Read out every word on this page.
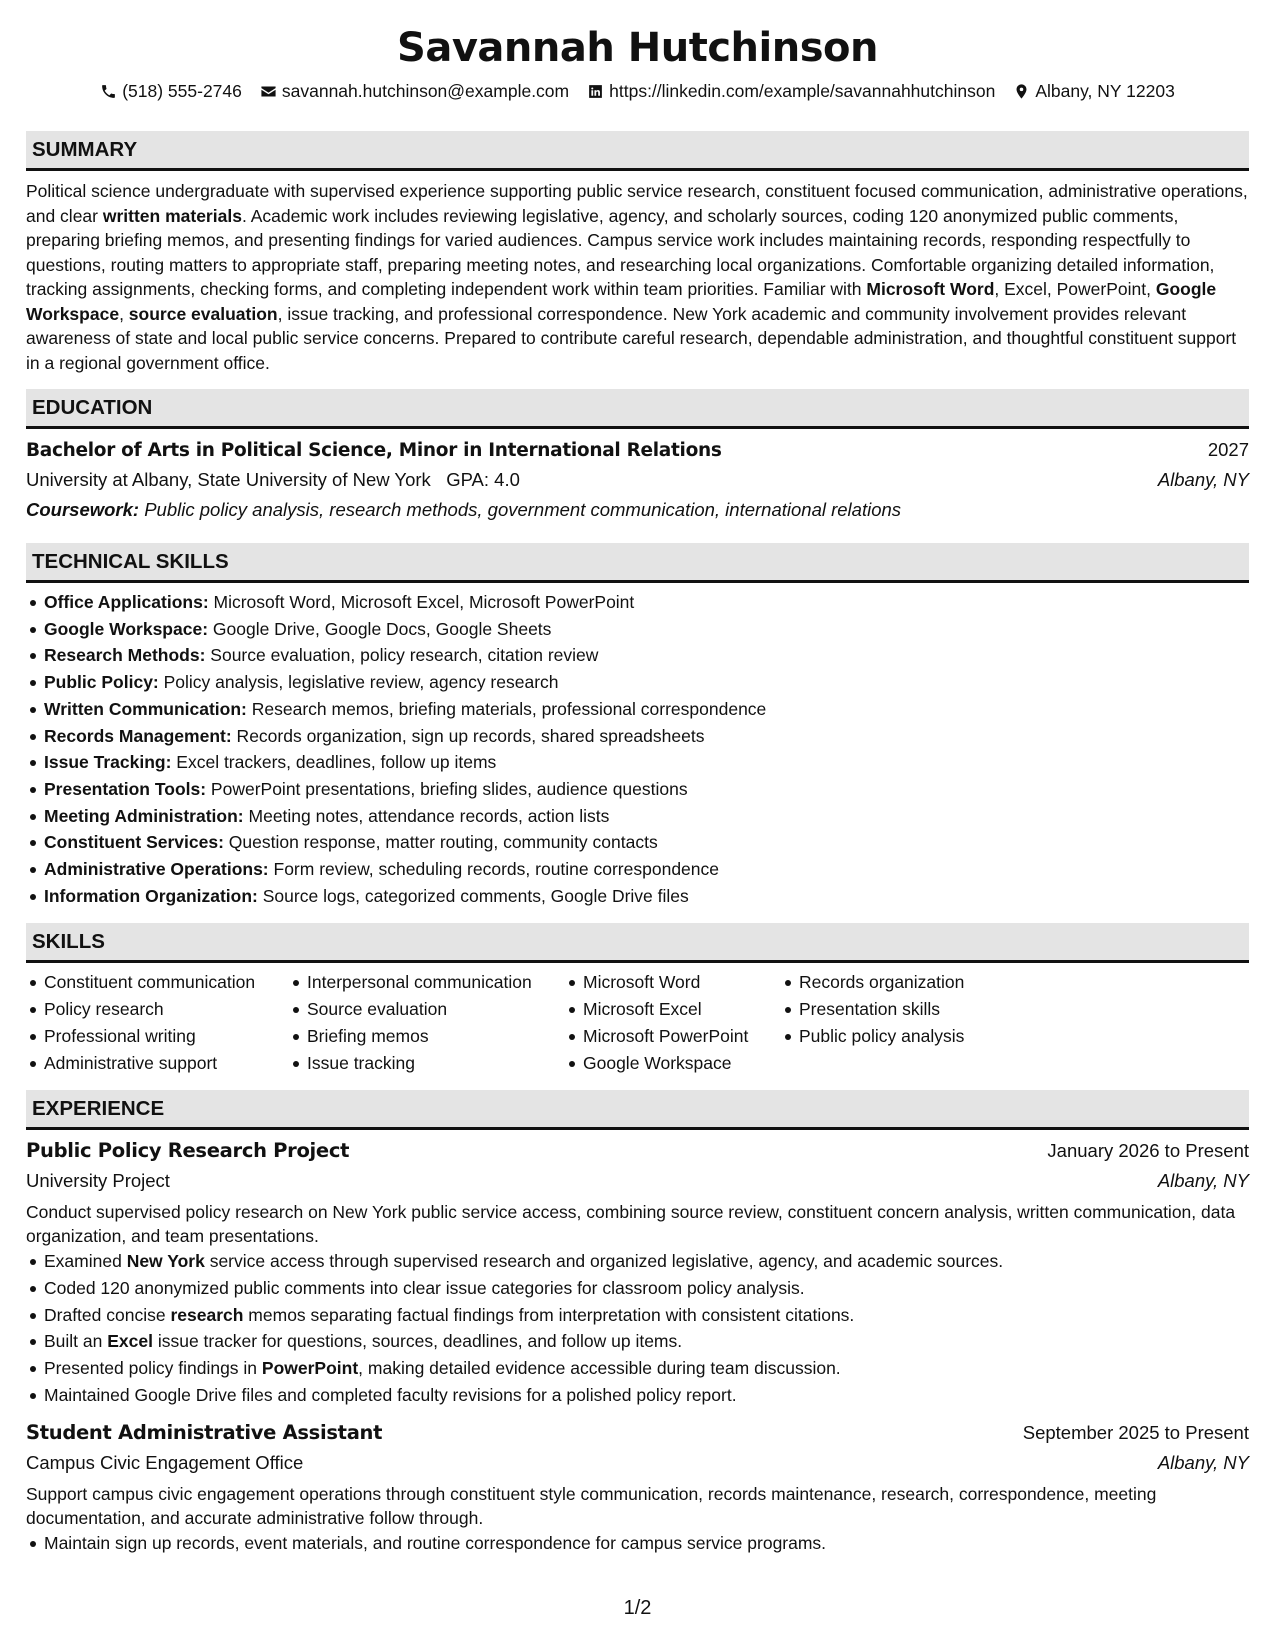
Savannah Hutchinson
(518) 555-2746 savannah.hutchinson@example.com https://linkedin.com/example/savannahhutchinson Albany, NY 12203
SUMMARY
Political science undergraduate with supervised experience supporting public service research, constituent focused communication, administrative operations, and clear written materials. Academic work includes reviewing legislative, agency, and scholarly sources, coding 120 anonymized public comments, preparing briefing memos, and presenting findings for varied audiences. Campus service work includes maintaining records, responding respectfully to questions, routing matters to appropriate staff, preparing meeting notes, and researching local organizations. Comfortable organizing detailed information, tracking assignments, checking forms, and completing independent work within team priorities. Familiar with Microsoft Word, Excel, PowerPoint, Google Workspace, source evaluation, issue tracking, and professional correspondence. New York academic and community involvement provides relevant awareness of state and local public service concerns. Prepared to contribute careful research, dependable administration, and thoughtful constituent support in a regional government office.
EDUCATION
Bachelor of Arts in Political Science, Minor in International Relations	2027
University at Albany, State University of New York   GPA: 4.0	Albany, NY
Coursework: Public policy analysis, research methods, government communication, international relations
TECHNICAL SKILLS
Office Applications: Microsoft Word, Microsoft Excel, Microsoft PowerPoint
Google Workspace: Google Drive, Google Docs, Google Sheets
Research Methods: Source evaluation, policy research, citation review
Public Policy: Policy analysis, legislative review, agency research
Written Communication: Research memos, briefing materials, professional correspondence
Records Management: Records organization, sign up records, shared spreadsheets
Issue Tracking: Excel trackers, deadlines, follow up items
Presentation Tools: PowerPoint presentations, briefing slides, audience questions
Meeting Administration: Meeting notes, attendance records, action lists
Constituent Services: Question response, matter routing, community contacts
Administrative Operations: Form review, scheduling records, routine correspondence
Information Organization: Source logs, categorized comments, Google Drive files
SKILLS
Constituent communication
Policy research
Professional writing
Administrative support
Interpersonal communication
Source evaluation
Briefing memos
Issue tracking
Microsoft Word
Microsoft Excel
Microsoft PowerPoint
Google Workspace
Records organization
Presentation skills
Public policy analysis
EXPERIENCE
Public Policy Research Project	January 2026 to Present
University Project	Albany, NY
Conduct supervised policy research on New York public service access, combining source review, constituent concern analysis, written communication, data organization, and team presentations.
Examined New York service access through supervised research and organized legislative, agency, and academic sources.
Coded 120 anonymized public comments into clear issue categories for classroom policy analysis.
Drafted concise research memos separating factual findings from interpretation with consistent citations.
Built an Excel issue tracker for questions, sources, deadlines, and follow up items.
Presented policy findings in PowerPoint, making detailed evidence accessible during team discussion.
Maintained Google Drive files and completed faculty revisions for a polished policy report.
Student Administrative Assistant	September 2025 to Present
Campus Civic Engagement Office	Albany, NY
Support campus civic engagement operations through constituent style communication, records maintenance, research, correspondence, meeting documentation, and accurate administrative follow through.
Maintain sign up records, event materials, and routine correspondence for campus service programs.
1/2
